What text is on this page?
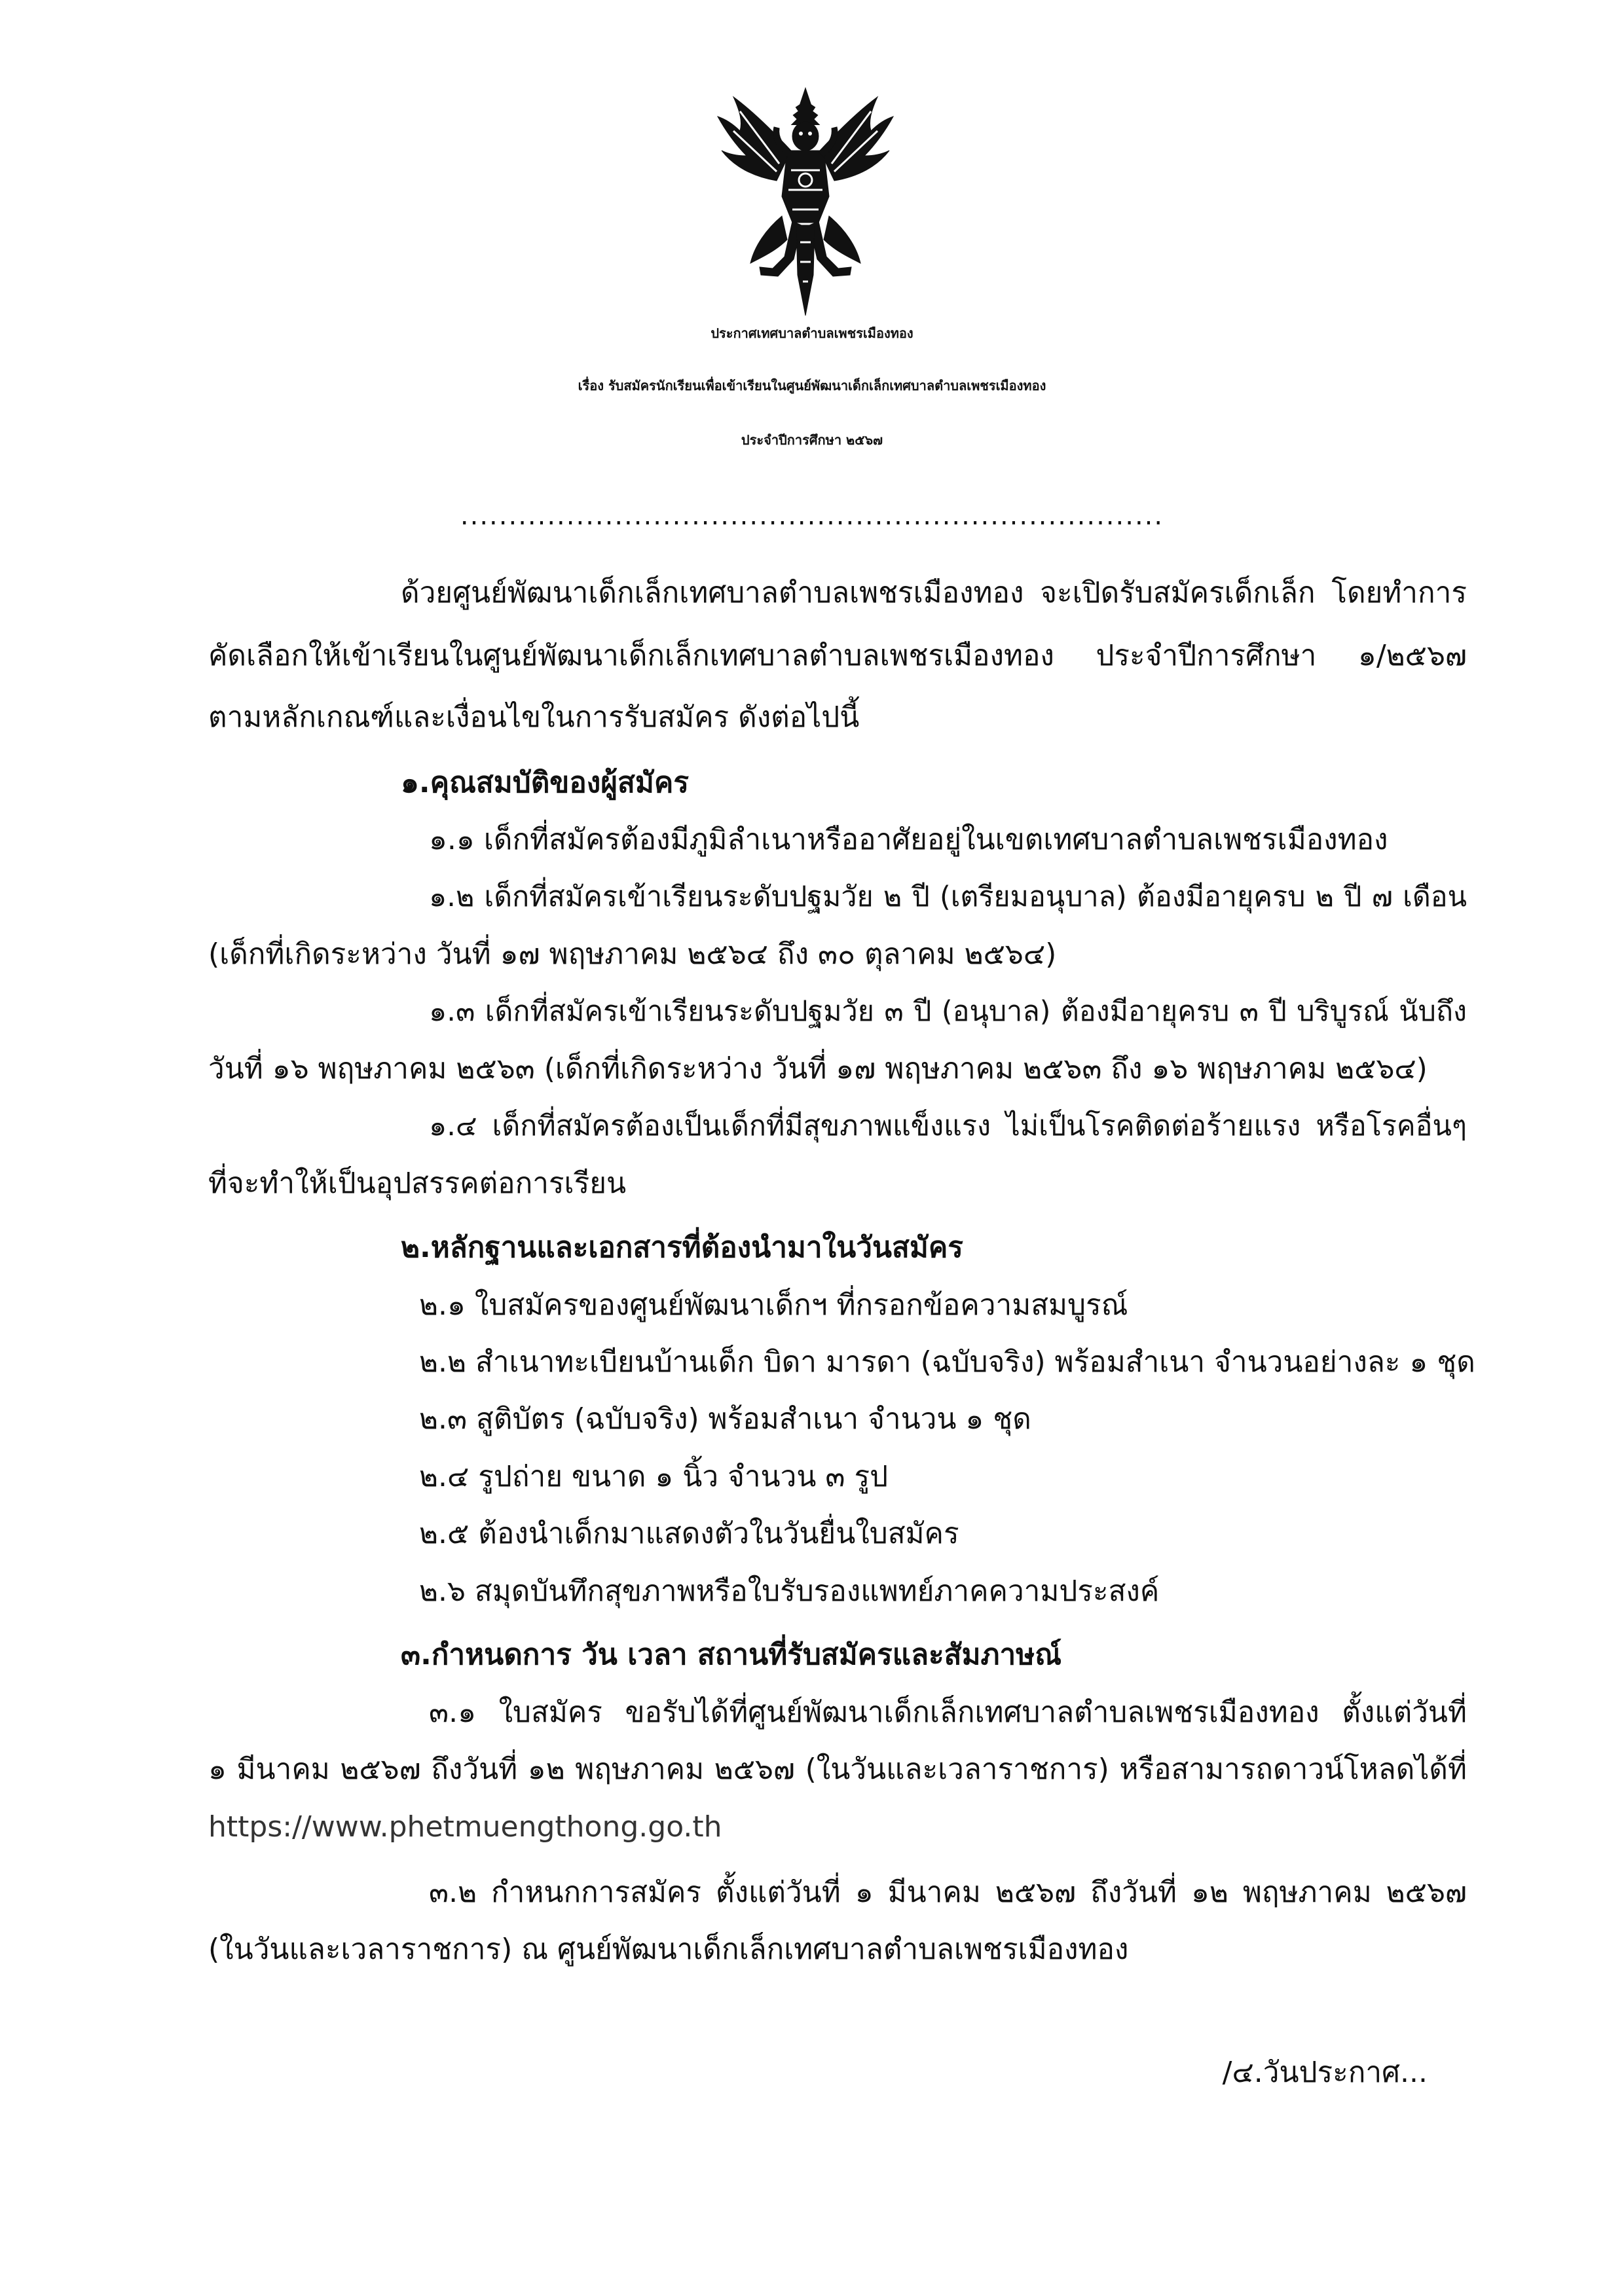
ประกาศเทศบาลตำบลเพชรเมืองทอง
เรื่อง รับสมัครนักเรียนเพื่อเข้าเรียนในศูนย์พัฒนาเด็กเล็กเทศบาลตำบลเพชรเมืองทอง
ประจำปีการศึกษา ๒๕๖๗
.........................................................................
ด้วยศูนย์พัฒนาเด็กเล็กเทศบาลตำบลเพชรเมืองทอง จะเปิดรับสมัครเด็กเล็ก โดยทำการ
คัดเลือกให้เข้าเรียนในศูนย์พัฒนาเด็กเล็กเทศบาลตำบลเพชรเมืองทอง ประจำปีการศึกษา ๑/๒๕๖๗
ตามหลักเกณฑ์และเงื่อนไขในการรับสมัคร ดังต่อไปนี้
๑.คุณสมบัติของผู้สมัคร
๑.๑ เด็กที่สมัครต้องมีภูมิลำเนาหรืออาศัยอยู่ในเขตเทศบาลตำบลเพชรเมืองทอง
๑.๒ เด็กที่สมัครเข้าเรียนระดับปฐมวัย ๒ ปี (เตรียมอนุบาล) ต้องมีอายุครบ ๒ ปี ๗ เดือน
(เด็กที่เกิดระหว่าง วันที่ ๑๗ พฤษภาคม ๒๕๖๔ ถึง ๓๐ ตุลาคม ๒๕๖๔)
๑.๓ เด็กที่สมัครเข้าเรียนระดับปฐมวัย ๓ ปี (อนุบาล) ต้องมีอายุครบ ๓ ปี บริบูรณ์ นับถึง
วันที่ ๑๖ พฤษภาคม ๒๕๖๓ (เด็กที่เกิดระหว่าง วันที่ ๑๗ พฤษภาคม ๒๕๖๓ ถึง ๑๖ พฤษภาคม ๒๕๖๔)
๑.๔ เด็กที่สมัครต้องเป็นเด็กที่มีสุขภาพแข็งแรง ไม่เป็นโรคติดต่อร้ายแรง หรือโรคอื่นๆ
ที่จะทำให้เป็นอุปสรรคต่อการเรียน
๒.หลักฐานและเอกสารที่ต้องนำมาในวันสมัคร
๒.๑ ใบสมัครของศูนย์พัฒนาเด็กฯ ที่กรอกข้อความสมบูรณ์
๒.๒ สำเนาทะเบียนบ้านเด็ก บิดา มารดา (ฉบับจริง) พร้อมสำเนา จำนวนอย่างละ ๑ ชุด
๒.๓ สูติบัตร (ฉบับจริง) พร้อมสำเนา จำนวน ๑ ชุด
๒.๔ รูปถ่าย ขนาด ๑ นิ้ว จำนวน ๓ รูป
๒.๕ ต้องนำเด็กมาแสดงตัวในวันยื่นใบสมัคร
๒.๖ สมุดบันทึกสุขภาพหรือใบรับรองแพทย์ภาคความประสงค์
๓.กำหนดการ วัน เวลา สถานที่รับสมัครและสัมภาษณ์
๓.๑ ใบสมัคร ขอรับได้ที่ศูนย์พัฒนาเด็กเล็กเทศบาลตำบลเพชรเมืองทอง ตั้งแต่วันที่
๑ มีนาคม ๒๕๖๗ ถึงวันที่ ๑๒ พฤษภาคม ๒๕๖๗ (ในวันและเวลาราชการ) หรือสามารถดาวน์โหลดได้ที่
https://www.phetmuengthong.go.th
๓.๒ กำหนกการสมัคร ตั้งแต่วันที่ ๑ มีนาคม ๒๕๖๗ ถึงวันที่ ๑๒ พฤษภาคม ๒๕๖๗
(ในวันและเวลาราชการ) ณ ศูนย์พัฒนาเด็กเล็กเทศบาลตำบลเพชรเมืองทอง
/๔.วันประกาศ...
